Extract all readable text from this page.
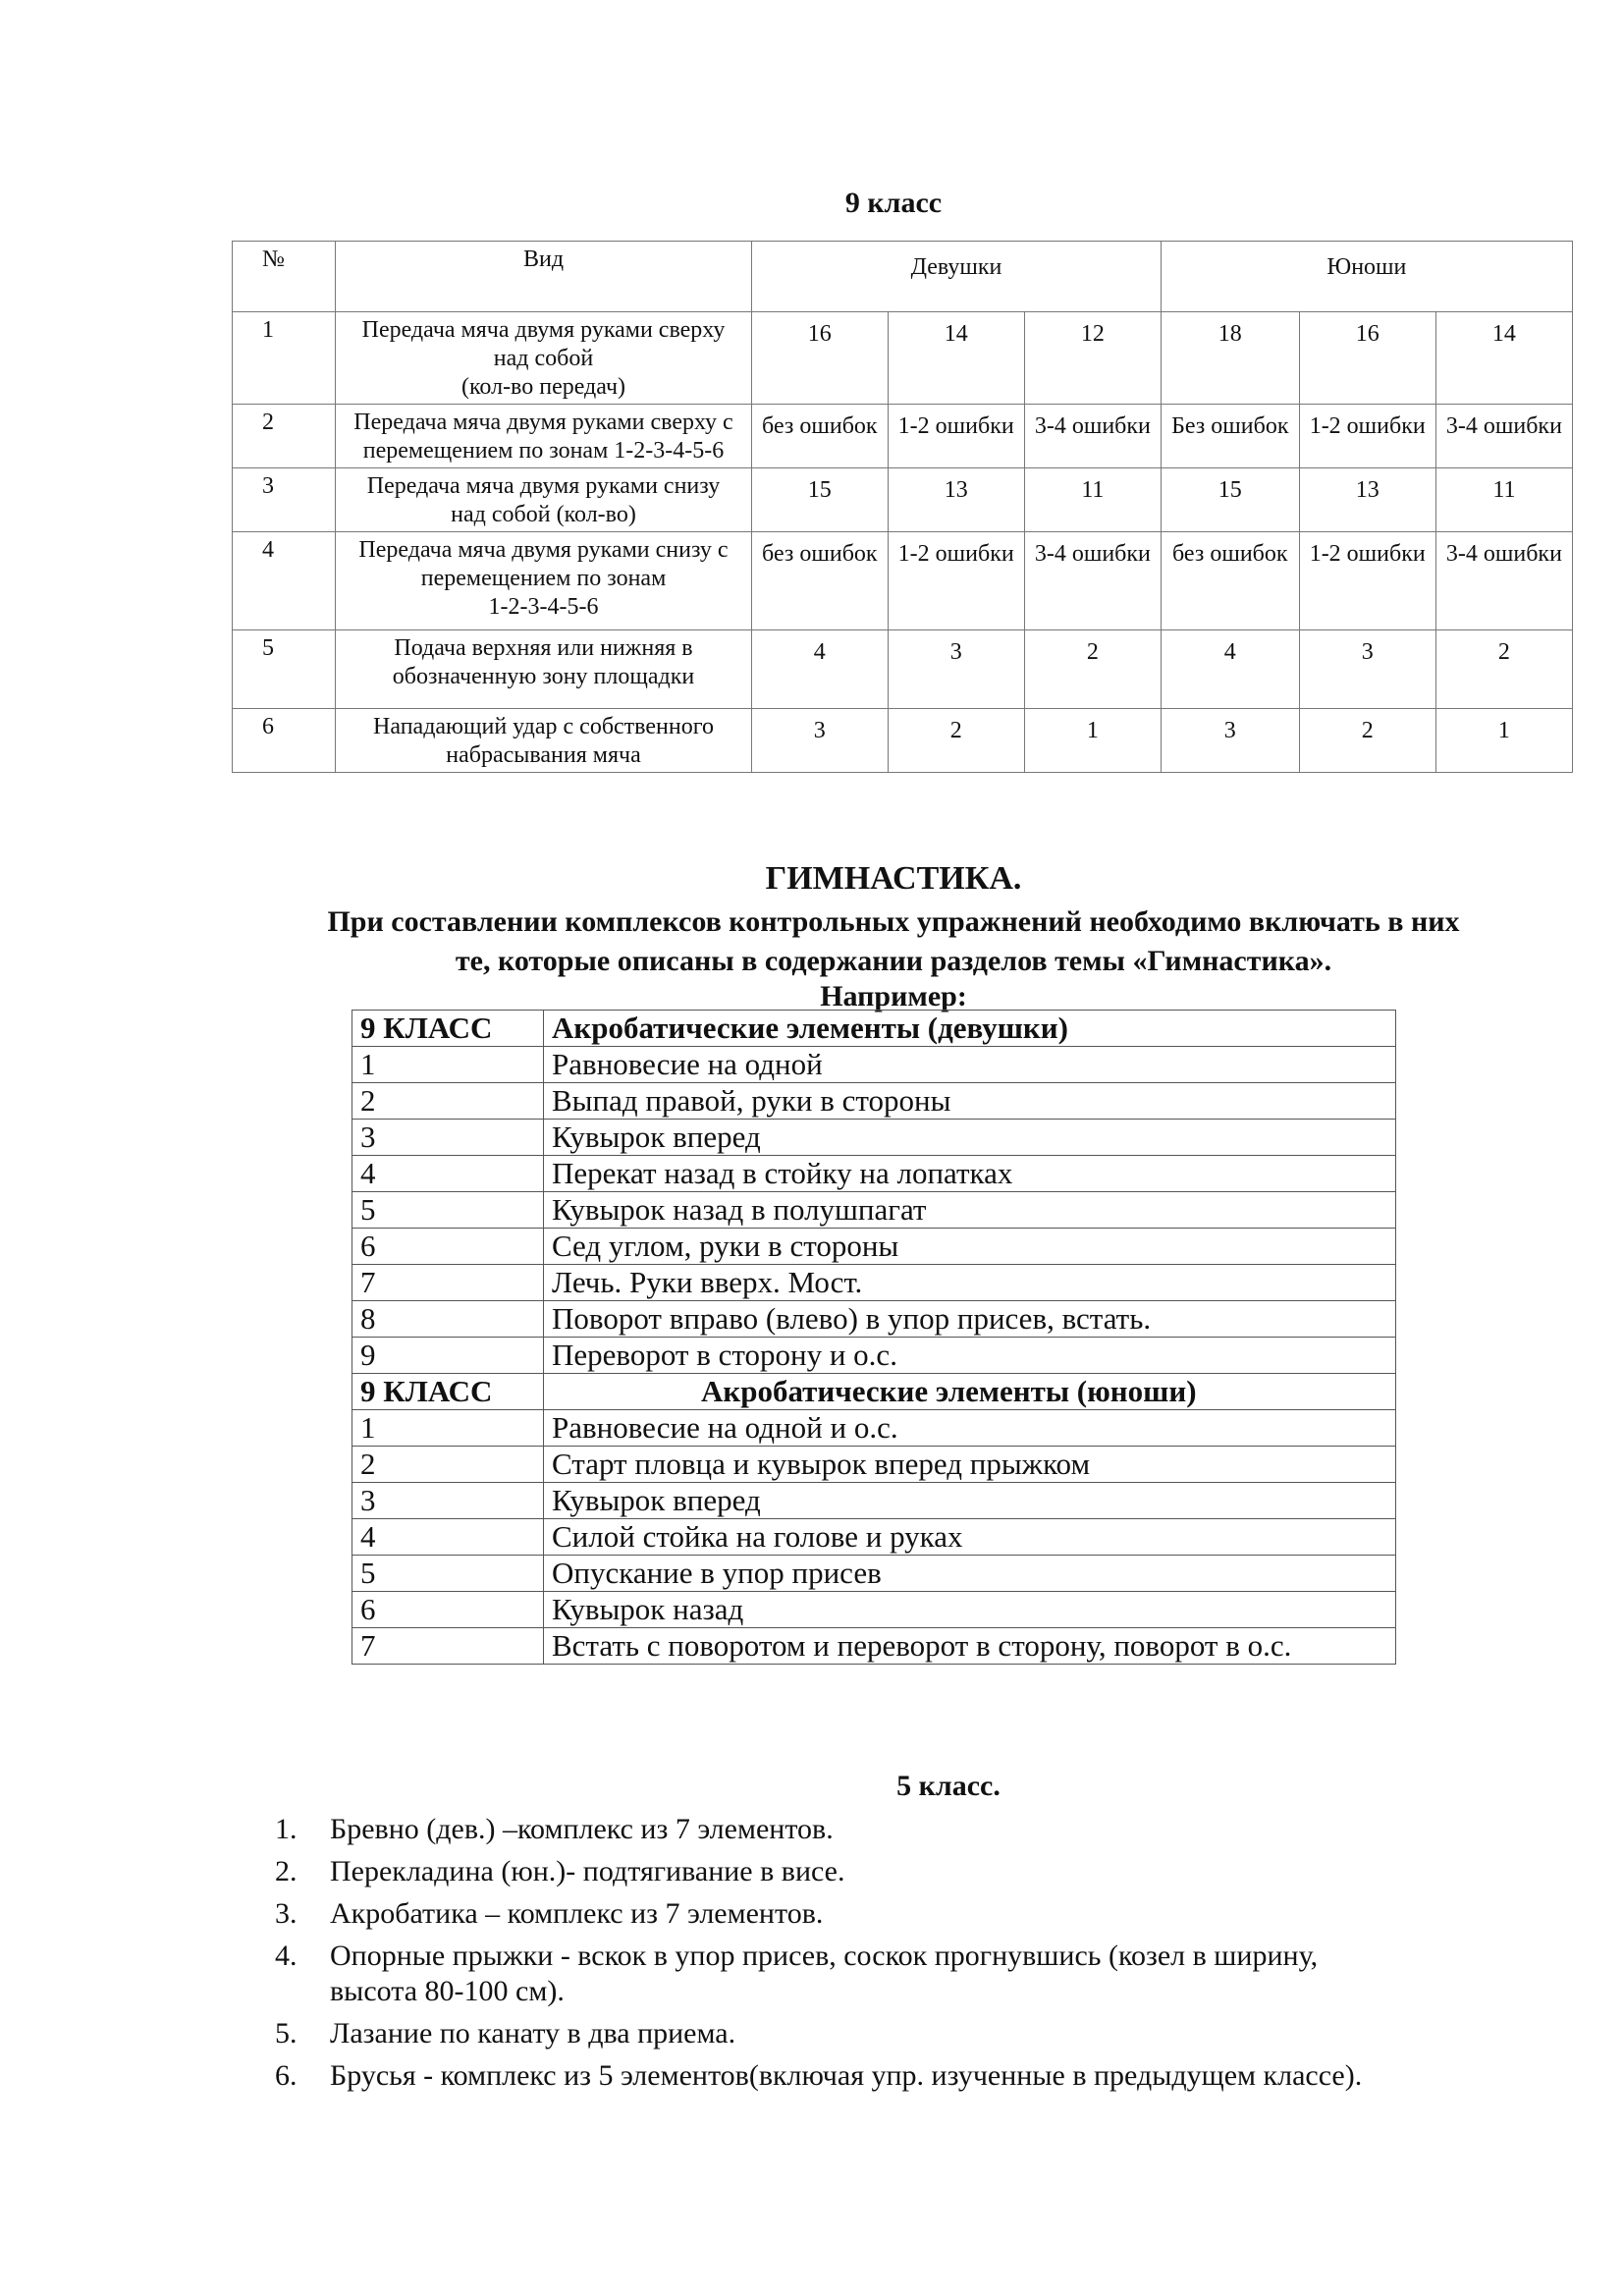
9 класс
№	Вид	Девушки			Юноши		
1	Передача мяча двумя руками сверху
над собой
(кол-во передач)	16	14	12	18	16	14
2	Передача мяча двумя руками сверху с
перемещением по зонам 1-2-3-4-5-6	без ошибок	1-2 ошибки	3-4 ошибки	Без ошибок	1-2 ошибки	3-4 ошибки
3	Передача мяча двумя руками снизу
над собой (кол-во)	15	13	11	15	13	11
4	Передача мяча двумя руками снизу с
перемещением по зонам
1-2-3-4-5-6	без ошибок	1-2 ошибки	3-4 ошибки	без ошибок	1-2 ошибки	3-4 ошибки
5	Подача верхняя или нижняя в
обозначенную зону площадки	4	3	2	4	3	2
6	Нападающий удар с собственного
набрасывания мяча	3	2	1	3	2	1
ГИМНАСТИКА.
При составлении комплексов контрольных упражнений необходимо включать в них
те, которые описаны в содержании разделов темы «Гимнастика».
Например:
9 КЛАСС	Акробатические элементы (девушки)
1	Равновесие на одной
2	Выпад правой, руки в стороны
3	Кувырок вперед
4	Перекат назад в стойку на лопатках
5	Кувырок назад в полушпагат
6	Сед углом, руки в стороны
7	Лечь. Руки вверх. Мост.
8	Поворот вправо (влево) в упор присев, встать.
9	Переворот в сторону и о.с.
9 КЛАСС	Акробатические элементы (юноши)
1	Равновесие на одной и о.с.
2	Старт пловца и кувырок вперед прыжком
3	Кувырок вперед
4	Силой стойка на голове и руках
5	Опускание в упор присев
6	Кувырок назад
7	Встать с поворотом и переворот в сторону, поворот в о.с.
5 класс.
1. Бревно (дев.) –комплекс из 7 элементов.
2. Перекладина (юн.)- подтягивание в висе.
3. Акробатика – комплекс из 7 элементов.
4. Опорные прыжки - вскок в упор присев, соскок прогнувшись (козел в ширину,
высота 80-100 см).
5. Лазание по канату в два приема.
6. Брусья - комплекс из 5 элементов(включая упр. изученные в предыдущем классе).
